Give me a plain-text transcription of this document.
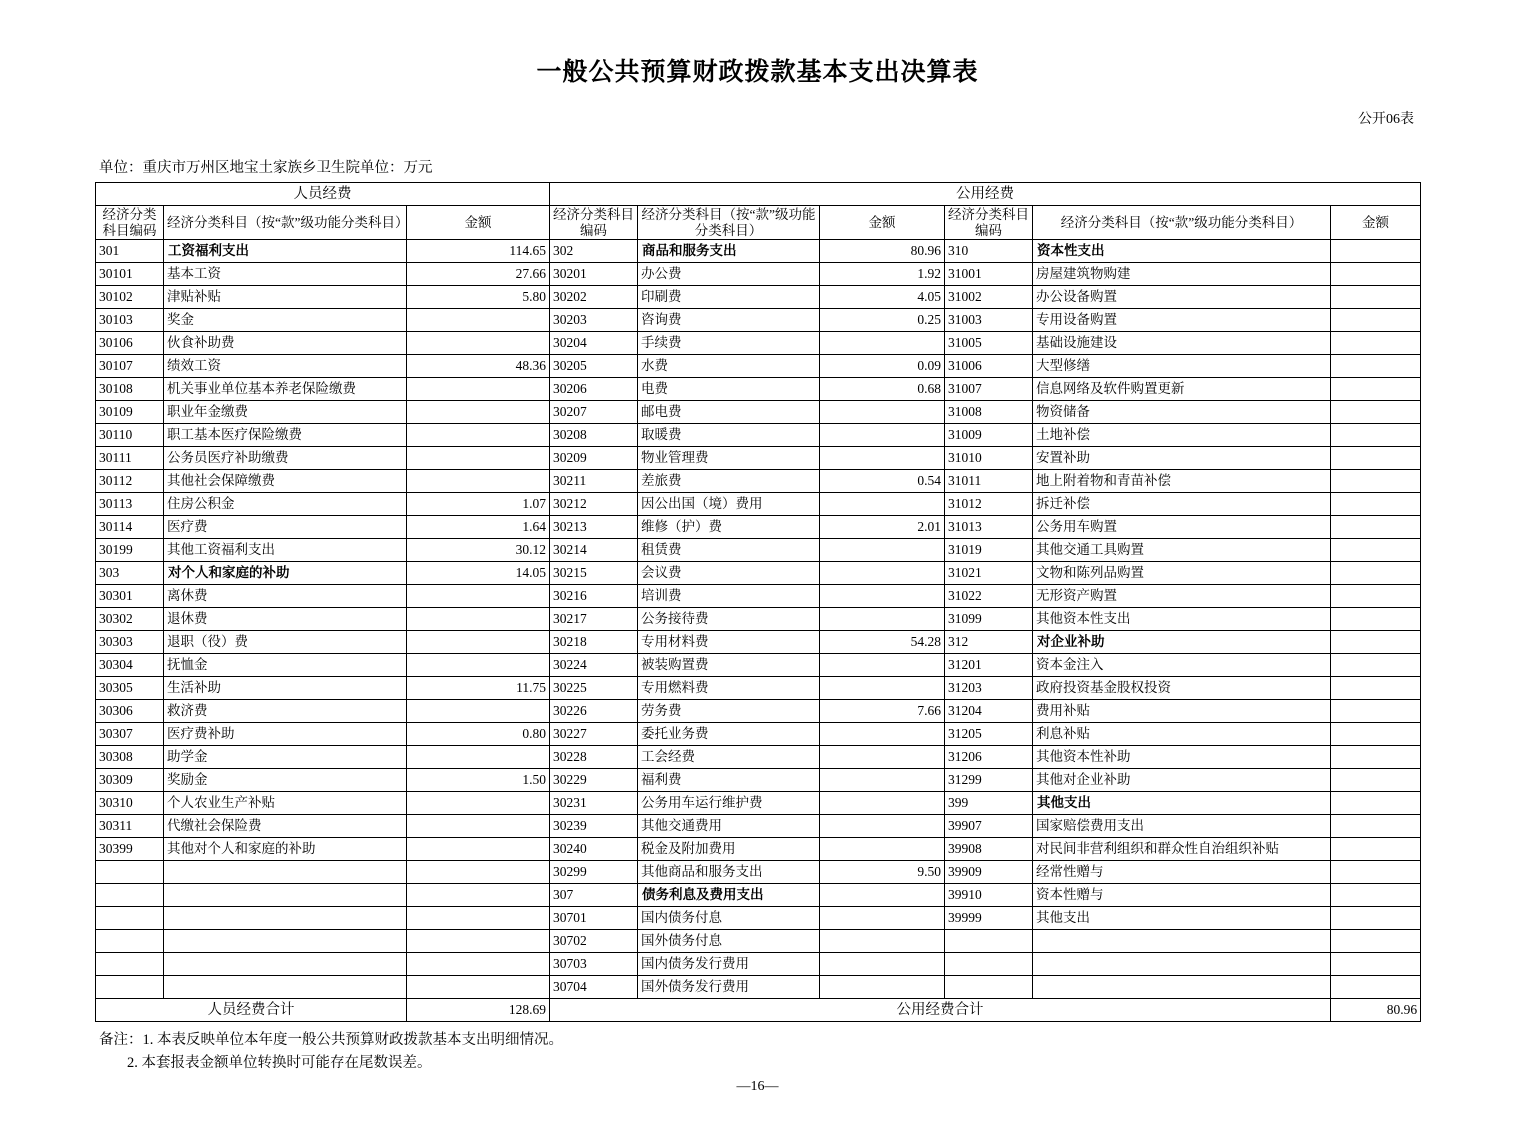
一般公共预算财政拨款基本支出决算表
公开06表
单位：重庆市万州区地宝土家族乡卫生院单位：万元
人员经费			公用经费					
经济分类科目编码	经济分类科目（按“款”级功能分类科目）	金额	经济分类科目编码	经济分类科目（按“款”级功能分类科目）	金额	经济分类科目编码	经济分类科目（按“款”级功能分类科目）	金额
301	工资福利支出	114.65	302	商品和服务支出	80.96	310	资本性支出	
30101	基本工资	27.66	30201	办公费	1.92	31001	房屋建筑物购建	
30102	津贴补贴	5.80	30202	印刷费	4.05	31002	办公设备购置	
30103	奖金		30203	咨询费	0.25	31003	专用设备购置	
30106	伙食补助费		30204	手续费		31005	基础设施建设	
30107	绩效工资	48.36	30205	水费	0.09	31006	大型修缮	
30108	机关事业单位基本养老保险缴费		30206	电费	0.68	31007	信息网络及软件购置更新	
30109	职业年金缴费		30207	邮电费		31008	物资储备	
30110	职工基本医疗保险缴费		30208	取暖费		31009	土地补偿	
30111	公务员医疗补助缴费		30209	物业管理费		31010	安置补助	
30112	其他社会保障缴费		30211	差旅费	0.54	31011	地上附着物和青苗补偿	
30113	住房公积金	1.07	30212	因公出国（境）费用		31012	拆迁补偿	
30114	医疗费	1.64	30213	维修（护）费	2.01	31013	公务用车购置	
30199	其他工资福利支出	30.12	30214	租赁费		31019	其他交通工具购置	
303	对个人和家庭的补助	14.05	30215	会议费		31021	文物和陈列品购置	
30301	离休费		30216	培训费		31022	无形资产购置	
30302	退休费		30217	公务接待费		31099	其他资本性支出	
30303	退职（役）费		30218	专用材料费	54.28	312	对企业补助	
30304	抚恤金		30224	被装购置费		31201	资本金注入	
30305	生活补助	11.75	30225	专用燃料费		31203	政府投资基金股权投资	
30306	救济费		30226	劳务费	7.66	31204	费用补贴	
30307	医疗费补助	0.80	30227	委托业务费		31205	利息补贴	
30308	助学金		30228	工会经费		31206	其他资本性补助	
30309	奖励金	1.50	30229	福利费		31299	其他对企业补助	
30310	个人农业生产补贴		30231	公务用车运行维护费		399	其他支出	
30311	代缴社会保险费		30239	其他交通费用		39907	国家赔偿费用支出	
30399	其他对个人和家庭的补助		30240	税金及附加费用		39908	对民间非营利组织和群众性自治组织补贴	
			30299	其他商品和服务支出	9.50	39909	经常性赠与	
			307	债务利息及费用支出		39910	资本性赠与	
			30701	国内债务付息		39999	其他支出	
			30702	国外债务付息				
			30703	国内债务发行费用				
			30704	国外债务发行费用				
人员经费合计		128.69	公用经费合计					80.96
备注：1. 本表反映单位本年度一般公共预算财政拨款基本支出明细情况。
2. 本套报表金额单位转换时可能存在尾数误差。
—16—
